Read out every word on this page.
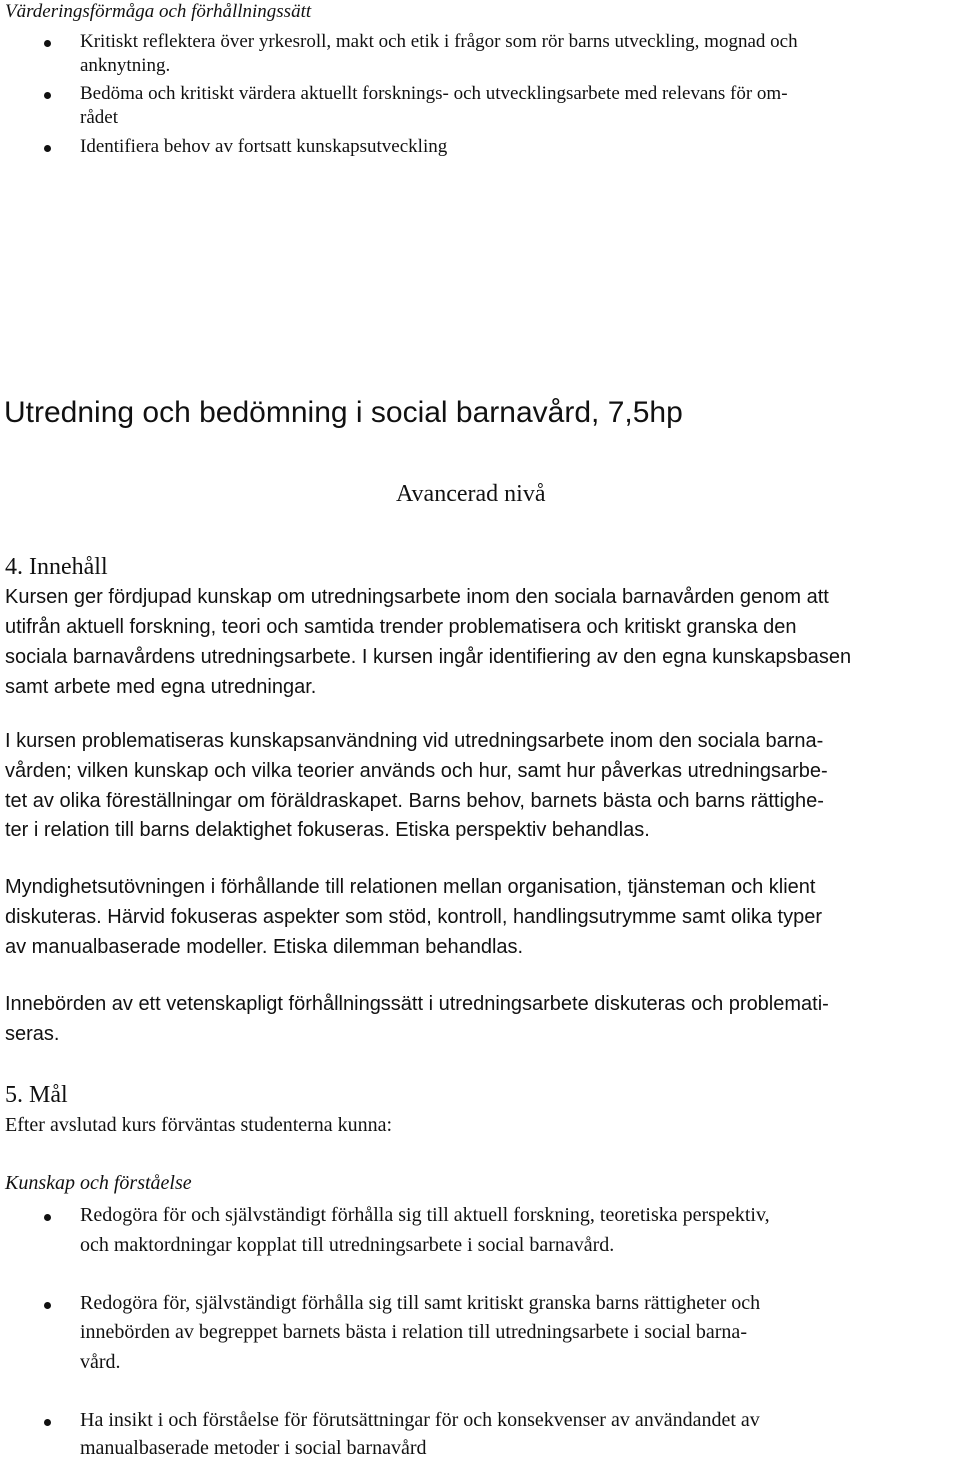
Värderingsförmåga och förhållningssätt
Kritiskt reflektera över yrkesroll, makt och etik i frågor som rör barns utveckling, mognad och
anknytning.
Bedöma och kritiskt värdera aktuellt forsknings- och utvecklingsarbete med relevans för om-
rådet
Identifiera behov av fortsatt kunskapsutveckling
Utredning och bedömning i social barnavård, 7,5hp
Avancerad nivå
4. Innehåll
Kursen ger fördjupad kunskap om utredningsarbete inom den sociala barnavården genom att
utifrån aktuell forskning, teori och samtida trender problematisera och kritiskt granska den
sociala barnavårdens utredningsarbete. I kursen ingår identifiering av den egna kunskapsbasen
samt arbete med egna utredningar.
I kursen problematiseras kunskapsanvändning vid utredningsarbete inom den sociala barna-
vården; vilken kunskap och vilka teorier används och hur, samt hur påverkas utredningsarbe-
tet av olika föreställningar om föräldraskapet. Barns behov, barnets bästa och barns rättighe-
ter i relation till barns delaktighet fokuseras. Etiska perspektiv behandlas.
Myndighetsutövningen i förhållande till relationen mellan organisation, tjänsteman och klient
diskuteras. Härvid fokuseras aspekter som stöd, kontroll, handlingsutrymme samt olika typer
av manualbaserade modeller. Etiska dilemman behandlas.
Innebörden av ett vetenskapligt förhållningssätt i utredningsarbete diskuteras och problemati-
seras.
5. Mål
Efter avslutad kurs förväntas studenterna kunna:
Kunskap och förståelse
Redogöra för och självständigt förhålla sig till aktuell forskning, teoretiska perspektiv,
och maktordningar kopplat till utredningsarbete i social barnavård.
Redogöra för, självständigt förhålla sig till samt kritiskt granska barns rättigheter och
innebörden av begreppet barnets bästa i relation till utredningsarbete i social barna-
vård.
Ha insikt i och förståelse för förutsättningar för och konsekvenser av användandet av
manualbaserade metoder i social barnavård
